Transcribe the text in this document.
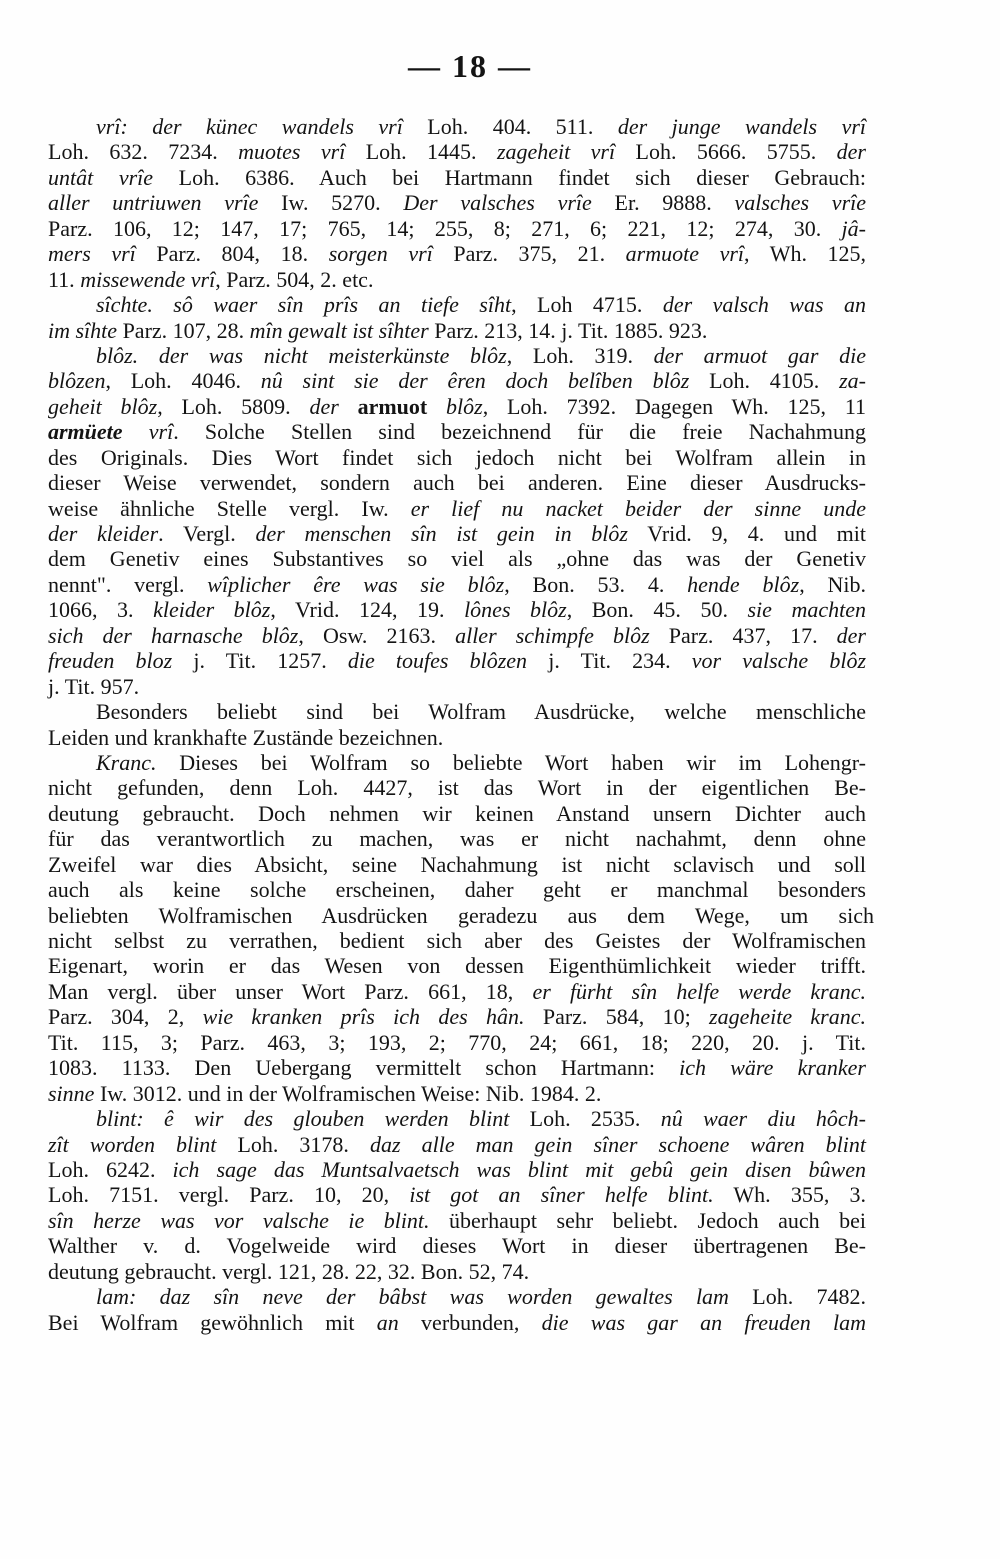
— 18 —
vrî: der künec wandels vrî Loh. 404. 511. der junge wandels vrî
Loh. 632. 7234. muotes vrî Loh. 1445. zageheit vrî Loh. 5666. 5755. der
untât vrîe Loh. 6386. Auch bei Hartmann findet sich dieser Gebrauch:
aller untriuwen vrîe Iw. 5270. Der valsches vrîe Er. 9888. valsches vrîe
Parz. 106, 12; 147, 17; 765, 14; 255, 8; 271, 6; 221, 12; 274, 30. jâ-
mers vrî Parz. 804, 18. sorgen vrî Parz. 375, 21. armuote vrî, Wh. 125,
11. missewende vrî, Parz. 504, 2. etc.
sîchte. sô waer sîn prîs an tiefe sîht, Loh 4715. der valsch was an
im sîhte Parz. 107, 28. mîn gewalt ist sîhter Parz. 213, 14. j. Tit. 1885. 923.
blôz. der was nicht meisterkünste blôz, Loh. 319. der armuot gar die
blôzen, Loh. 4046. nû sint sie der êren doch belîben blôz Loh. 4105. za-
geheit blôz, Loh. 5809. der armuot blôz, Loh. 7392. Dagegen Wh. 125, 11
armüete vrî. Solche Stellen sind bezeichnend für die freie Nachahmung
des Originals. Dies Wort findet sich jedoch nicht bei Wolfram allein in
dieser Weise verwendet, sondern auch bei anderen. Eine dieser Ausdrucks-
weise ähnliche Stelle vergl. Iw. er lief nu nacket beider der sinne unde
der kleider. Vergl. der menschen sîn ist gein in blôz Vrid. 9, 4. und mit
dem Genetiv eines Substantives so viel als „ohne das was der Genetiv
nennt". vergl. wîplicher êre was sie blôz, Bon. 53. 4. hende blôz, Nib.
1066, 3. kleider blôz, Vrid. 124, 19. lônes blôz, Bon. 45. 50. sie machten
sich der harnasche blôz, Osw. 2163. aller schimpfe blôz Parz. 437, 17. der
freuden bloz j. Tit. 1257. die toufes blôzen j. Tit. 234. vor valsche blôz
j. Tit. 957.
Besonders beliebt sind bei Wolfram Ausdrücke, welche menschliche
Leiden und krankhafte Zustände bezeichnen.
Kranc. Dieses bei Wolfram so beliebte Wort haben wir im Lohengr-
nicht gefunden, denn Loh. 4427, ist das Wort in der eigentlichen Be-
deutung gebraucht. Doch nehmen wir keinen Anstand unsern Dichter auch
für das verantwortlich zu machen, was er nicht nachahmt, denn ohne
Zweifel war dies Absicht, seine Nachahmung ist nicht sclavisch und soll
auch als keine solche erscheinen, daher geht er manchmal besonders
beliebten Wolframischen Ausdrücken geradezu aus dem Wege, um sich
nicht selbst zu verrathen, bedient sich aber des Geistes der Wolframischen
Eigenart, worin er das Wesen von dessen Eigenthümlichkeit wieder trifft.
Man vergl. über unser Wort Parz. 661, 18, er fürht sîn helfe werde kranc.
Parz. 304, 2, wie kranken prîs ich des hân. Parz. 584, 10; zageheite kranc.
Tit. 115, 3; Parz. 463, 3; 193, 2; 770, 24; 661, 18; 220, 20. j. Tit.
1083. 1133. Den Uebergang vermittelt schon Hartmann: ich wäre kranker
sinne Iw. 3012. und in der Wolframischen Weise: Nib. 1984. 2.
blint: ê wir des glouben werden blint Loh. 2535. nû waer diu hôch-
zît worden blint Loh. 3178. daz alle man gein sîner schoene wâren blint
Loh. 6242. ich sage das Muntsalvaetsch was blint mit gebû gein disen bûwen
Loh. 7151. vergl. Parz. 10, 20, ist got an sîner helfe blint. Wh. 355, 3.
sîn herze was vor valsche ie blint. überhaupt sehr beliebt. Jedoch auch bei
Walther v. d. Vogelweide wird dieses Wort in dieser übertragenen Be-
deutung gebraucht. vergl. 121, 28. 22, 32. Bon. 52, 74.
lam: daz sîn neve der bâbst was worden gewaltes lam Loh. 7482.
Bei Wolfram gewöhnlich mit an verbunden, die was gar an freuden lam
